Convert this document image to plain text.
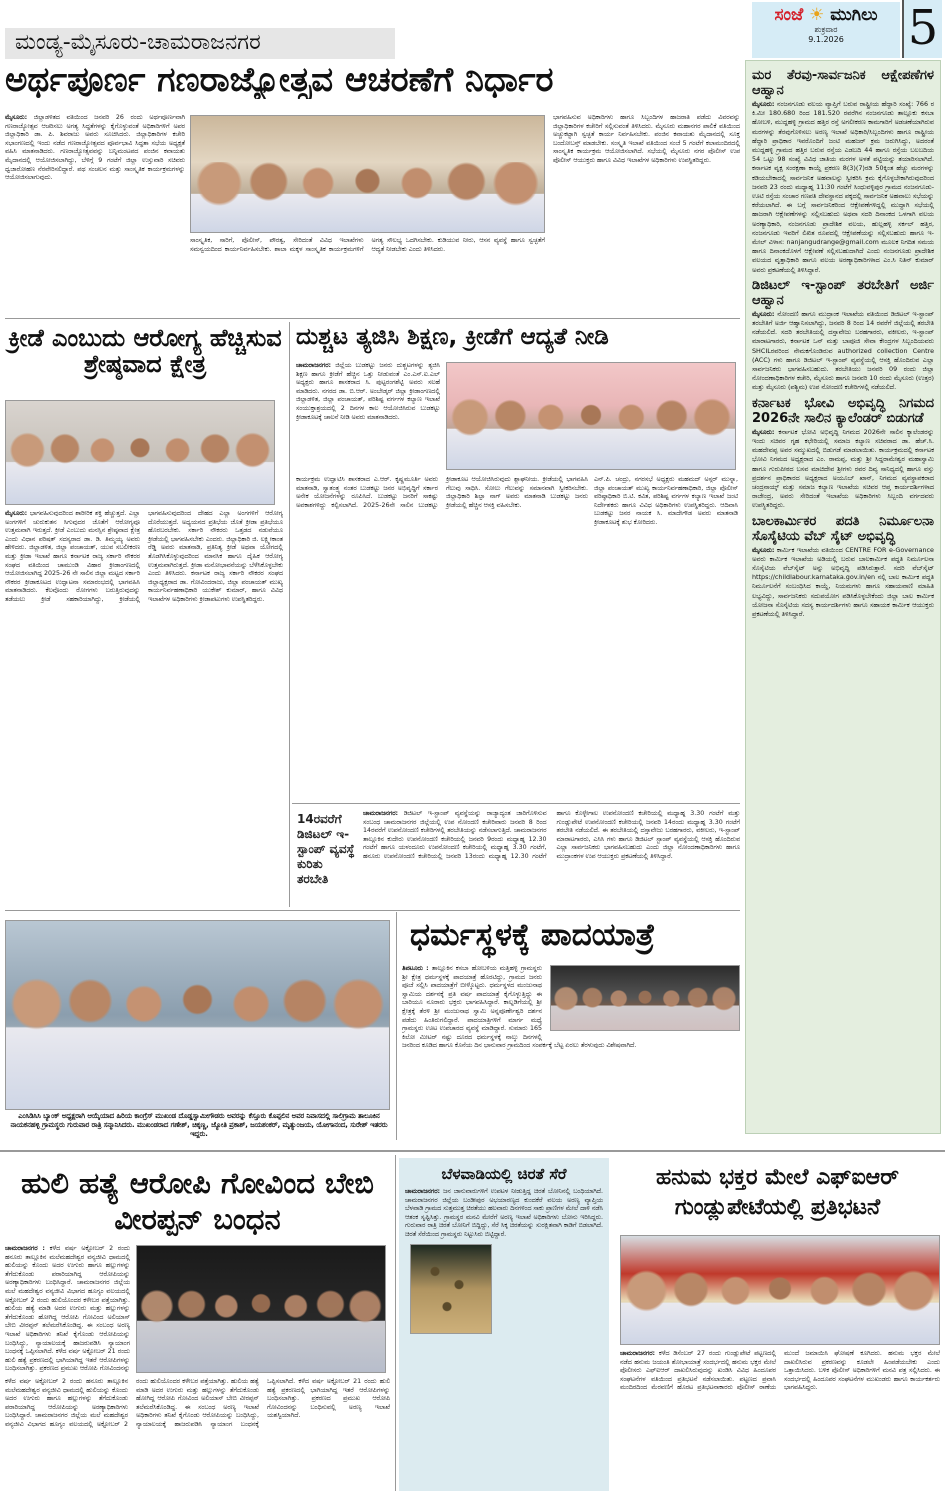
ಮಂಡ್ಯ-ಮೈಸೂರು-ಚಾಮರಾಜನಗರ
ಸಂಜೆ ☀ ಮುಗಿಲು
ಶುಕ್ರವಾರ
9.1.2026	5
ಅರ್ಥಪೂರ್ಣ ಗಣರಾಜ್ಯೋತ್ಸವ ಆಚರಣೆಗೆ ನಿರ್ಧಾರ
ಮೈಸೂರು: ಜಿಲ್ಲಾಡಳಿತದ ವತಿಯಿಂದ ಜನವರಿ 26 ರಂದು ಅರ್ಥಪೂರ್ಣವಾಗಿ ಗಣರಾಜ್ಯೋತ್ಸವ ಆಚರಿಸಲು ಅಗತ್ಯ ಸಿದ್ಧತೆಗಳನ್ನು ಕೈಗೊಳ್ಳುವಂತೆ ಅಧಿಕಾರಿಗಳಿಗೆ ಅಪರ ಜಿಲ್ಲಾಧಿಕಾರಿ ಡಾ. ಪಿ. ಶಿವರಾಜು ಅವರು ಸೂಚಿಸಿದರು. ಜಿಲ್ಲಾಧಿಕಾರಿಗಳ ಕಚೇರಿ ಸಭಾಂಗಣದಲ್ಲಿ ಇಂದು ನಡೆದ ಗಣರಾಜ್ಯೋತ್ಸವದ ಪೂರ್ವಭಾವಿ ಸಿದ್ಧತಾ ಸಭೆಯ ಅಧ್ಯಕ್ಷತೆ ವಹಿಸಿ ಮಾತನಾಡಿದರು. ಗಣರಾಜ್ಯೋತ್ಸವವನ್ನು ಬನ್ನಿಮಂಟಪದ ಪಂಜಿನ ಕವಾಯತು ಮೈದಾನದಲ್ಲಿ ಆಯೋಜಿಸಲಾಗಿದ್ದು, ಬೆಳಿಗ್ಗೆ 9 ಗಂಟೆಗೆ ಜಿಲ್ಲಾ ಉಸ್ತುವಾರಿ ಸಚಿವರು ಧ್ವಜಾರೋಹಣ ನೆರವೇರಿಸಲಿದ್ದಾರೆ. ಪಥ ಸಂಚಲನ ಮತ್ತು ಸಾಂಸ್ಕೃತಿಕ ಕಾರ್ಯಕ್ರಮಗಳನ್ನು ಆಯೋಜಿಸಲಾಗುವುದು.
ಸಾಂಸ್ಕೃತಿಕ, ಸಾರಿಗೆ, ಪೊಲೀಸ್, ಪೌರತ್ವ, ಸೇರಿದಂತೆ ವಿವಿಧ ಇಲಾಖೆಗಳು ಸಮನ್ವಯದಿಂದ ಕಾರ್ಯನಿರ್ವಹಿಸಬೇಕು. ಶಾಲಾ ಮಕ್ಕಳ ಸಾಂಸ್ಕೃತಿಕ ಕಾರ್ಯಕ್ರಮಗಳಿಗೆ ಅಗತ್ಯ ಸೌಲಭ್ಯ ಒದಗಿಸಬೇಕು. ಕುಡಿಯುವ ನೀರು, ಆಸನ ವ್ಯವಸ್ಥೆ ಹಾಗೂ ಸ್ವಚ್ಛತೆಗೆ ಆದ್ಯತೆ ನೀಡಬೇಕು ಎಂದು ತಿಳಿಸಿದರು.
ಭಾಗವಹಿಸುವ ಅಧಿಕಾರಿಗಳು ಹಾಗೂ ಸಿಬ್ಬಂದಿಗಳ ಹಾಜರಾತಿ ಪಡೆದು ವಿವರವನ್ನು ಜಿಲ್ಲಾಧಿಕಾರಿಗಳ ಕಚೇರಿಗೆ ಸಲ್ಲಿಸುವಂತೆ ತಿಳಿಸಿದರು. ಮೈಸೂರು ಮಹಾನಗರ ಪಾಲಿಕೆ ವತಿಯಿಂದ ಅಚ್ಚುಕಟ್ಟಾಗಿ ಸ್ವಚ್ಛತೆ ಕಾರ್ಯ ನಿರ್ವಹಿಸಬೇಕು. ಪಂಜಿನ ಕವಾಯತು ಮೈದಾನದಲ್ಲಿ ಸೂಕ್ತ ಬಂದೋಬಸ್ತ್ ಮಾಡಬೇಕು. ಸಂಸ್ಕೃತಿ ಇಲಾಖೆ ವತಿಯಿಂದ ಸಂಜೆ 5 ಗಂಟೆಗೆ ಕಲಾಮಂದಿರದಲ್ಲಿ ಸಾಂಸ್ಕೃತಿಕ ಕಾರ್ಯಕ್ರಮ ಆಯೋಜಿಸಲಾಗಿದೆ. ಸಭೆಯಲ್ಲಿ ಮೈಸೂರು ನಗರ ಪೊಲೀಸ್ ಉಪ ಪೊಲೀಸ್ ಆಯುಕ್ತರು ಹಾಗೂ ವಿವಿಧ ಇಲಾಖೆಗಳ ಅಧಿಕಾರಿಗಳು ಉಪಸ್ಥಿತರಿದ್ದರು.
ಮರ ತೆರವು-ಸಾರ್ವಜನಿಕ ಆಕ್ಷೇಪಣೆಗಳ ಆಹ್ವಾನ
ಮೈಸೂರು: ನಂಜನಗೂಡು ವಲಯ ವ್ಯಾಪ್ತಿಗೆ ಬರುವ ರಾಷ್ಟ್ರೀಯ ಹೆದ್ದಾರಿ ಸಂಖ್ಯೆ: 766 ರ ಕಿ.ಮೀ 180.680 ರಿಂದ 181.520 ರವರೆಗಿನ ನಂಜನಗೂಡು ತಾಲ್ಲೂಕು ಕಸಬಾ ಹೋಬಳಿ, ಮುದ್ದಹಳ್ಳಿ ಗ್ರಾಮದ ಹತ್ತಿರ ರಸ್ತೆ ಅಗಲೀಕರಣ ಕಾಮಗಾರಿಗೆ ಅಡಚಣೆಯಾಗಿರುವ ಮರಗಳನ್ನು ತೆರವುಗೊಳಿಸಲು ಅರಣ್ಯ ಇಲಾಖೆ ಅಧಿಕಾರಿ/ಸಿಬ್ಬಂದಿಗಳು ಹಾಗೂ ರಾಷ್ಟ್ರೀಯ ಹೆದ್ದಾರಿ ಪ್ರಾಧಿಕಾರ ಇವರೊಂದಿಗೆ ಜಂಟಿ ಮಹಜರ್ ಕ್ರಮ ಜರುಗಿಸಿದ್ದು, ಅದರಂತೆ ಮುದ್ದಹಳ್ಳಿ ಗ್ರಾಮದ ಹತ್ತಿರ ಬರುವ ರಸ್ತೆಯ ಎಡಬದಿ 44 ಹಾಗೂ ರಸ್ತೆಯ ಬಲಬದಿಯ 54 ಒಟ್ಟು 98 ಸಂಖ್ಯೆ ವಿವಿಧ ಜಾತಿಯ ಮರಗಳ ಅಳತೆ ಪಟ್ಟಿಯನ್ನು ತಯಾರಿಸಲಾಗಿದೆ. ಕರ್ನಾಟಕ ವೃಕ್ಷ ಸಂರಕ್ಷಣಾ ಕಾಯ್ದೆ ಪ್ರಕರಣ 8(3)(7)ರಡಿ 50ಕ್ಕಿಂತ ಹೆಚ್ಚು ಮರಗಳನ್ನು ಕಡಿಯಬೇಕಾದಲ್ಲಿ ಸಾರ್ವಜನಿಕ ಅಹವಾಲನ್ನು ಸ್ವೀಕರಿಸಿ ಕ್ರಮ ಕೈಗೊಳ್ಳಬೇಕಾಗಿರುವುದರಿಂದ ಜನವರಿ 23 ರಂದು ಮಧ್ಯಾಹ್ನ 11:30 ಗಂಟೆಗೆ ಸಿಂಧುವಳ್ಳಿಪುರ ಗ್ರಾಮದ ನಂಜನಗೂಡು-ಊಟಿ ರಸ್ತೆಯ ಸಂಚಾರ ಗಣಪತಿ ದೇವಸ್ಥಾನದ ಪಕ್ಕದಲ್ಲಿ ಸಾರ್ವಜನಿಕ ಅಹವಾಲು ಸಭೆಯನ್ನು ಕರೆಯಲಾಗಿದೆ. ಈ ಬಗ್ಗೆ ಸಾರ್ವಜನಿಕರಿಂದ ಆಕ್ಷೇಪಣೆಗಳಿದ್ದಲ್ಲಿ ಮುದ್ದಾಗಿ ಸಭೆಯಲ್ಲಿ ಹಾಜರಾಗಿ ಆಕ್ಷೇಪಣೆಗಳನ್ನು ಸಲ್ಲಿಸಬಹುದು ಅಥವಾ ಸದರಿ ದಿನಾಂಕದ ಒಳಗಾಗಿ ವಲಯ ಅರಣ್ಯಾಧಿಕಾರಿ, ನಂಜನಗೂಡು ಪ್ರಾದೇಶಿಕ ವಲಯ, ಹುಲ್ಲಹಳ್ಳಿ ಸರ್ಕಲ್ ಹತ್ತಿರ, ನಂಜನಗೂಡು ಇವರಿಗೆ ಲಿಖಿತ ರೂಪದಲ್ಲಿ ಆಕ್ಷೇಪಣೆಯನ್ನು ಸಲ್ಲಿಸಬಹುದು ಹಾಗೂ ಇ-ಮೇಲ್ ವಿಳಾಸ: nanjangudrange@gmail.com ಮೂಲಕ ನಿಗದಿತ ಸಮಯ ಹಾಗೂ ದಿನಾಂಕದೊಳಗೆ ಆಕ್ಷೇಪಣೆ ಸಲ್ಲಿಸಬಹುದಾಗಿದೆ ಎಂದು ನಂಜನಗೂಡು ಪ್ರಾದೇಶಿಕ ವಲಯದ ವೃತ್ತಾಧಿಕಾರಿ ಹಾಗೂ ವಲಯ ಅರಣ್ಯಾಧಿಕಾರಿಗಳಾದ ಎಂ.ಸಿ ನಿತಿನ್ ಕುಮಾರ್ ಅವರು ಪ್ರಕಟಣೆಯಲ್ಲಿ ತಿಳಿಸಿದ್ದಾರೆ.
ಡಿಜಿಟಲ್ ಇ-ಸ್ಟಾಂಪ್ ತರಬೇತಿಗೆ ಅರ್ಜಿ ಆಹ್ವಾನ
ಮೈಸೂರು: ನೋಂದಣಿ ಹಾಗೂ ಮುದ್ರಾಂಕ ಇಲಾಖೆಯ ವತಿಯಿಂದ ಡಿಜಿಟಲ್ ಇ-ಸ್ಟಾಂಪ್ ತರಬೇತಿಗೆ ಅರ್ಜಿ ಆಹ್ವಾನಿಸಲಾಗಿದ್ದು, ಜನವರಿ 8 ರಿಂದ 14 ರವರೆಗೆ ಜಿಲ್ಲೆಯಲ್ಲಿ ತರಬೇತಿ ನಡೆಯಲಿದೆ. ಸದರಿ ತರಬೇತಿಯಲ್ಲಿ ದಸ್ತಾವೇಜು ಬರಹಗಾರರು, ವಕೀಲರು, ಇ-ಸ್ಟಾಂಪ್ ಮಾರಾಟಗಾರರು, ಕರ್ನಾಟಕ ಒನ್ ಮತ್ತು ಬಾಪೂಜಿ ಸೇವಾ ಕೇಂದ್ರಗಳ ಸಿಬ್ಬಂದಿಯವರು SHCILರವರಿಂದ ನೇಮಕಗೊಂಡಿರುವ authorized collection Centre (ACC) ಗಳು ಹಾಗೂ ಡಿಜಿಟಲ್ ಇ-ಸ್ಟಾಂಪ್ ವ್ಯವಸ್ಥೆಯಲ್ಲಿ ಆಸಕ್ತಿ ಹೊಂದಿರುವ ಎಲ್ಲಾ ಸಾರ್ವಜನಿಕರು ಭಾಗವಹಿಸಬಹುದು. ತರಬೇತಿಯು ಜನವರಿ 09 ರಂದು ಜಿಲ್ಲಾ ನೋಂದಣಾಧಿಕಾರಿಗಳ ಕಚೇರಿ, ಮೈಸೂರು ಹಾಗೂ ಜನವರಿ 10 ರಂದು ಮೈಸೂರು (ಉತ್ತರ) ಮತ್ತು ಮೈಸೂರು (ಪಶ್ಚಿಮ) ಉಪ ನೋಂದಣಿ ಕಚೇರಿಗಳಲ್ಲಿ ನಡೆಯಲಿದೆ.
ಕರ್ನಾಟಕ ಭೋವಿ ಅಭಿವೃದ್ಧಿ ನಿಗಮದ 2026ನೇ ಸಾಲಿನ ಕ್ಯಾಲೆಂಡರ್ ಬಿಡುಗಡೆ
ಮೈಸೂರು: ಕರ್ನಾಟಕ ಭೋವಿ ಅಭಿವೃದ್ಧಿ ನಿಗಮದ 2026ನೇ ಸಾಲಿನ ಕ್ಯಾಲೆಂಡರನ್ನು ಇಂದು ಸಚಿವರ ಗೃಹ ಕಛೇರಿಯಲ್ಲಿ ಸಮಾಜ ಕಲ್ಯಾಣ ಸಚಿವರಾದ ಡಾ. ಹೆಚ್.ಸಿ. ಮಹದೇವಪ್ಪ ಅವರ ಸಮ್ಮುಖದಲ್ಲಿ ಬಿಡುಗಡೆ ಮಾಡಲಾಯಿತು. ಕಾರ್ಯಕ್ರಮದಲ್ಲಿ ಕರ್ನಾಟಕ ಭೋವಿ ನಿಗಮದ ಅಧ್ಯಕ್ಷರಾದ ಎಂ. ರಾಮಪ್ಪ, ಮತ್ತು ಶ್ರೀ ಸಿದ್ದರಾಮೇಶ್ವರ ಮಹಾಸ್ವಾಮಿ ಹಾಗೂ ಗುರುಪೀಠದ ಬಸವ ಮಾಚಿದೇವ ಶ್ರೀಗಳು ರವರ ದಿವ್ಯ ಸಾನಿಧ್ಯದಲ್ಲಿ ಹಾಗೂ ವಸ್ತು ಪ್ರದರ್ಶನ ಪ್ರಾಧಿಕಾರದ ಅಧ್ಯಕ್ಷರಾದ ಅಯೂಬ್ ಖಾನ್, ನಿಗಮದ ವ್ಯವಸ್ಥಾಪಕರಾದ ಚಂದ್ರನಾಯ್ಕ್ ಮತ್ತು ಸಮಾಜ ಕಲ್ಯಾಣ ಇಲಾಖೆಯ ಸಚಿವರ ಆಪ್ತ ಕಾರ್ಯದರ್ಶಿಗಳಾದ ರಾಜೇಂದ್ರ, ಅವರು ಸೇರಿದಂತೆ ಇಲಾಖೆಯ ಅಧಿಕಾರಿಗಳು ಸಿಬ್ಬಂದಿ ವರ್ಗದವರು ಉಪಸ್ಥಿತರಿದ್ದರು.
ಬಾಲಕಾರ್ಮಿಕರ ಪದತಿ ನಿರ್ಮೂಲನಾ ಸೊಸೈಟಿಯ ವೆಬ್ ಸೈಟ್ ಅಭಿವೃದ್ಧಿ
ಮೈಸೂರು: ಕಾರ್ಮಿಕ ಇಲಾಖೆಯ ವತಿಯಿಂದ CENTRE FOR e-Governance ಅವರು ಕಾರ್ಮಿಕ ಇಲಾಖೆಯ ಅಡಿಯಲ್ಲಿ ಬರುವ ಬಾಲಕಾರ್ಮಿಕ ಪದ್ಧತಿ ನಿರ್ಮೂಲನಾ ಸೊಸೈಟಿಯ ವೆಬ್‌ಸೈಟ್ ಅನ್ನು ಅಭಿವೃದ್ಧಿ ಪಡಿಸಿರುತ್ತಾರೆ. ಸದರಿ ವೆಬ್‌ಸೈಟ್ https://childlabour.karnataka.gov.in/en ನಲ್ಲಿ ಬಾಲ ಕಾರ್ಮಿಕ ಪದ್ಧತಿ ನಿರ್ಮೂಲನೆಗೆ ಸಂಬಂಧಿಸಿದ ಕಾಯ್ದೆ, ನಿಯಮಗಳು ಹಾಗೂ ಸಹಾಯವಾಣಿ ಮಾಹಿತಿ ಲಭ್ಯವಿದ್ದು, ಸಾರ್ವಜನಿಕರು ಸದುಪಯೋಗ ಪಡಿಸಿಕೊಳ್ಳಬೇಕೆಂದು ಜಿಲ್ಲಾ ಬಾಲ ಕಾರ್ಮಿಕ ಯೋಜನಾ ಸೊಸೈಟಿಯ ಸದಸ್ಯ ಕಾರ್ಯದರ್ಶಿಗಳು ಹಾಗೂ ಸಹಾಯಕ ಕಾರ್ಮಿಕ ಆಯುಕ್ತರು ಪ್ರಕಟಣೆಯಲ್ಲಿ ತಿಳಿಸಿದ್ದಾರೆ.
ಕ್ರೀಡೆ ಎಂಬುದು ಆರೋಗ್ಯ ಹೆಚ್ಚಿಸುವ ಶ್ರೇಷ್ಠವಾದ ಕ್ಷೇತ್ರ
ಮೈಸೂರು: ಭಾಗವಹಿಸುವುದರಿಂದ ಶಾರೀರಿಕ ಶಕ್ತಿ ಹೆಚ್ಚುತ್ತದೆ. ಎಲ್ಲಾ ಅಂಗಗಳಿಗೆ ಚುರುಕುತನ ಸಿಗುವುದರ ಜೊತೆಗೆ ಆರೋಗ್ಯವೂ ಉತ್ತಮವಾಗಿ ಇರುತ್ತದೆ. ಕ್ರೀಡೆ ಎಂಬುದು ಮನಸ್ಸಿನ ಶ್ರೇಷ್ಠವಾದ ಕ್ಷೇತ್ರ ಎಂದು ವಿಧಾನ ಪರಿಷತ್ ಸದಸ್ಯರಾದ ಡಾ. ಡಿ. ತಿಮ್ಮಯ್ಯ ಅವರು ಹೇಳಿದರು. ಜಿಲ್ಲಾಡಳಿತ, ಜಿಲ್ಲಾ ಪಂಚಾಯತ್, ಯುವ ಸಬಲೀಕರಣ ಮತ್ತು ಕ್ರೀಡಾ ಇಲಾಖೆ ಹಾಗೂ ಕರ್ನಾಟಕ ರಾಜ್ಯ ಸರ್ಕಾರಿ ನೌಕರರ ಸಂಘದ ವತಿಯಿಂದ ಚಾಮುಂಡಿ ವಿಹಾರ ಕ್ರೀಡಾಂಗಣದಲ್ಲಿ ಆಯೋಜಿಸಲಾಗಿದ್ದ 2025-26 ನೇ ಸಾಲಿನ ಜಿಲ್ಲಾ ಮಟ್ಟದ ಸರ್ಕಾರಿ ನೌಕರರ ಕ್ರೀಡಾಕೂಟದ ಉದ್ಘಾಟನಾ ಸಮಾರಂಭದಲ್ಲಿ ಭಾಗವಹಿಸಿ ಮಾತನಾಡಿದರು. ಕೆಲವೊಂದು ರೋಗಗಳು ಬರುತ್ತಿರುವುದನ್ನು ತಡೆಯಲು ಕ್ರೀಡೆ ಸಹಕಾರಿಯಾಗಿದ್ದು, ಕ್ರೀಡೆಯಲ್ಲಿ ಭಾಗವಹಿಸುವುದರಿಂದ ದೇಹದ ಎಲ್ಲಾ ಅಂಗಗಳಿಗೆ ಆರೋಗ್ಯ ದೊರೆಯುತ್ತದೆ. ಅಧ್ಯಯನದ ಪ್ರತಿಭೆಯ ಜೊತೆ ಕ್ರೀಡಾ ಪ್ರತಿಭೆಯೂ ಹೊರಬರಬೇಕು. ಸರ್ಕಾರಿ ನೌಕರರು ಒತ್ತಡದ ನಡುವೆಯೂ ಕ್ರೀಡೆಯಲ್ಲಿ ಭಾಗವಹಿಸಬೇಕು ಎಂದರು. ಜಿಲ್ಲಾಧಿಕಾರಿ ಜಿ. ಲಕ್ಷ್ಮೀಕಾಂತ ರೆಡ್ಡಿ ಅವರು ಮಾತನಾಡಿ, ಪ್ರತಿನಿತ್ಯ ಕ್ರೀಡೆ ಅಥವಾ ಯೋಗದಲ್ಲಿ ತೊಡಗಿಸಿಕೊಳ್ಳುವುದರಿಂದ ಮಾನಸಿಕ ಹಾಗೂ ದೈಹಿಕ ಆರೋಗ್ಯ ಉತ್ತಮವಾಗಿರುತ್ತದೆ. ಕ್ರೀಡಾ ಮನೋಭಾವನೆಯನ್ನು ಬೆಳೆಸಿಕೊಳ್ಳಬೇಕು ಎಂದು ತಿಳಿಸಿದರು. ಕರ್ನಾಟಕ ರಾಜ್ಯ ಸರ್ಕಾರಿ ನೌಕರರ ಸಂಘದ ಜಿಲ್ಲಾಧ್ಯಕ್ಷರಾದ ಡಾ. ಗೋವಿಂದರಾಜು, ಜಿಲ್ಲಾ ಪಂಚಾಯತ್ ಮುಖ್ಯ ಕಾರ್ಯನಿರ್ವಹಣಾಧಿಕಾರಿ ಯುಕೇಶ್ ಕುಮಾರ್, ಹಾಗೂ ವಿವಿಧ ಇಲಾಖೆಗಳ ಅಧಿಕಾರಿಗಳು ಕ್ರೀಡಾಪಟುಗಳು ಉಪಸ್ಥಿತರಿದ್ದರು.
ದುಶ್ಚಟ ತ್ಯಜಿಸಿ ಶಿಕ್ಷಣ, ಕ್ರೀಡೆಗೆ ಆದ್ಯತೆ ನೀಡಿ
ಚಾಮರಾಜನಗರ: ಜಿಲ್ಲೆಯ ಬುಡಕಟ್ಟು ಜನರು ದುಶ್ಚಟಗಳನ್ನು ತ್ಯಜಿಸಿ ಶಿಕ್ಷಣ ಹಾಗೂ ಕ್ರೀಡೆಗೆ ಹೆಚ್ಚಿನ ಒತ್ತು ನೀಡುವಂತೆ ಎಂ.ಎಸ್.ಐ.ಎಲ್ ಅಧ್ಯಕ್ಷರು ಹಾಗೂ ಶಾಸಕರಾದ ಸಿ. ಪುಟ್ಟರಂಗಶೆಟ್ಟಿ ಅವರು ಸಲಹೆ ಮಾಡಿದರು. ನಗರದ ಡಾ. ಬಿ.ಆರ್. ಅಂಬೇಡ್ಕರ್ ಜಿಲ್ಲಾ ಕ್ರೀಡಾಂಗಣದಲ್ಲಿ ಜಿಲ್ಲಾಡಳಿತ, ಜಿಲ್ಲಾ ಪಂಚಾಯತ್, ಪರಿಶಿಷ್ಟ ವರ್ಗಗಳ ಕಲ್ಯಾಣ ಇಲಾಖೆ ಸಂಯುಕ್ತಾಶ್ರಯದಲ್ಲಿ 2 ದಿನಗಳ ಕಾಲ ಆಯೋಜಿಸಿರುವ ಬುಡಕಟ್ಟು ಕ್ರೀಡಾಕೂಟಕ್ಕೆ ಚಾಲನೆ ನೀಡಿ ಅವರು ಮಾತನಾಡಿದರು.
ಕಾರ್ಯಕ್ರಮ ಉದ್ಘಾಟಿಸಿ ಶಾಸಕರಾದ ಎ.ಆರ್. ಕೃಷ್ಣಮೂರ್ತಿ ಅವರು ಮಾತನಾಡಿ, ಸ್ವಾತಂತ್ರ್ಯ ನಂತರ ಬುಡಕಟ್ಟು ಜನರ ಅಭಿವೃದ್ಧಿಗೆ ಸರ್ಕಾರ ಅನೇಕ ಯೋಜನೆಗಳನ್ನು ರೂಪಿಸಿದೆ. ಬುಡಕಟ್ಟು ಜನರಿಗೆ ಸಾಕಷ್ಟು ಅವಕಾಶಗಳಿದ್ದು ಕಲ್ಪಿಸಲಾಗಿದೆ. 2025-26ನೇ ಸಾಲಿನ ಬುಡಕಟ್ಟು ಕ್ರೀಡಾಕೂಟ ಆಯೋಜಿಸಿರುವುದು ಶ್ಲಾಘನೀಯ. ಕ್ರೀಡೆಯಲ್ಲಿ ಭಾಗವಹಿಸಿ ಗೆಲುವು ಸಾಧಿಸಿ. ಸೋಲು ಗೆಲುವನ್ನು ಸಮಾನವಾಗಿ ಸ್ವೀಕರಿಸಬೇಕು. ಜಿಲ್ಲಾಧಿಕಾರಿ ಶಿಲ್ಪಾ ನಾಗ್ ಅವರು ಮಾತನಾಡಿ ಬುಡಕಟ್ಟು ಜನರು ಕ್ರೀಡೆಯಲ್ಲಿ ಹೆಚ್ಚಿನ ಆಸಕ್ತಿ ವಹಿಸಬೇಕು.
ಎನ್.ಪಿ. ಚಂದ್ರು, ನಗರಸಭೆ ಅಧ್ಯಕ್ಷರು ಮಹಮದ್ ಅಸ್ಗರ್ ಮುನ್ನಾ, ಜಿಲ್ಲಾ ಪಂಚಾಯತ್ ಮುಖ್ಯ ಕಾರ್ಯನಿರ್ವಹಣಾಧಿಕಾರಿ, ಜಿಲ್ಲಾ ಪೊಲೀಸ್ ವರಿಷ್ಠಾಧಿಕಾರಿ ಬಿ.ಟಿ. ಕವಿತ, ಪರಿಶಿಷ್ಟ ವರ್ಗಗಳ ಕಲ್ಯಾಣ ಇಲಾಖೆ ಜಂಟಿ ನಿರ್ದೇಶಕರು ಹಾಗೂ ವಿವಿಧ ಅಧಿಕಾರಿಗಳು ಉಪಸ್ಥಿತರಿದ್ದರು. ಆದಿವಾಸಿ ಬುಡಕಟ್ಟು ಜನರ ನಾಯಕ ಸಿ. ಮಾದೇಗೌಡ ಅವರು ಮಾತನಾಡಿ ಕ್ರೀಡಾಕೂಟಕ್ಕೆ ಶುಭ ಕೋರಿದರು.
14ರವರೆಗೆ ಡಿಜಿಟಲ್ ಇ-ಸ್ಟಾಂಪ್ ವ್ಯವಸ್ಥೆ ಕುರಿತು ತರಬೇತಿ
ಚಾಮರಾಜನಗರ: ಡಿಜಿಟಲ್ ಇ-ಸ್ಟಾಂಪ್ ವ್ಯವಸ್ಥೆಯನ್ನು ರಾಜ್ಯಾದ್ಯಂತ ಜಾರಿಗೊಳಿಸುವ ಸಂಬಂಧ ಚಾಮರಾಜನಗರ ಜಿಲ್ಲೆಯಲ್ಲಿ ಉಪ ನೋಂದಣಿ ಕಚೇರಿವಾರು ಜನವರಿ 8 ರಿಂದ 14ರವರೆಗೆ ಉಪನೋಂದಣಿ ಕಚೇರಿಗಳಲ್ಲಿ ತರಬೇತಿಯನ್ನು ನಡೆಸಲಾಗುತ್ತಿದೆ. ಚಾಮರಾಜನಗರ ತಾಲ್ಲೂಕಿನ ಕುದೇರು ಉಪನೋಂದಣಿ ಕಚೇರಿಯಲ್ಲಿ ಜನವರಿ 9ರಂದು ಮಧ್ಯಾಹ್ನ 12.30 ಗಂಟೆಗೆ ಹಾಗೂ ಯಳಂದೂರು ಉಪನೋಂದಣಿ ಕಚೇರಿಯಲ್ಲಿ ಮಧ್ಯಾಹ್ನ 3.30 ಗಂಟೆಗೆ, ಹನೂರು ಉಪನೋಂದಣಿ ಕಚೇರಿಯಲ್ಲಿ ಜನವರಿ 13ರಂದು ಮಧ್ಯಾಹ್ನ 12.30 ಗಂಟೆಗೆ ಹಾಗೂ ಕೊಳ್ಳೇಗಾಲ ಉಪನೋಂದಣಿ ಕಚೇರಿಯಲ್ಲಿ ಮಧ್ಯಾಹ್ನ 3.30 ಗಂಟೆಗೆ ಮತ್ತು ಗುಂಡ್ಲುಪೇಟೆ ಉಪನೋಂದಣಿ ಕಚೇರಿಯಲ್ಲಿ ಜನವರಿ 14ರಂದು ಮಧ್ಯಾಹ್ನ 3.30 ಗಂಟೆಗೆ ತರಬೇತಿ ನಡೆಯಲಿದೆ. ಈ ತರಬೇತಿಯಲ್ಲಿ ದಸ್ತಾವೇಜು ಬರಹಗಾರರು, ವಕೀಲರು, ಇ-ಸ್ಟಾಂಪ್ ಮಾರಾಟಗಾರರು, ಎಸಿಸಿ ಗಳು ಹಾಗೂ ಡಿಜಿಟಲ್ ಸ್ಟಾಂಪ್ ವ್ಯವಸ್ಥೆಯಲ್ಲಿ ಆಸಕ್ತಿ ಹೊಂದಿರುವ ಎಲ್ಲಾ ಸಾರ್ವಜನಿಕರು ಭಾಗವಹಿಸಬಹುದು ಎಂದು ಜಿಲ್ಲಾ ನೋಂದಣಾಧಿಕಾರಿಗಳು ಹಾಗೂ ಮುದ್ರಾಂಕಗಳ ಉಪ ಆಯುಕ್ತರು ಪ್ರಕಟಣೆಯಲ್ಲಿ ತಿಳಿಸಿದ್ದಾರೆ.
ಎಂಸಿಡಿಸಿಸಿ ಬ್ಯಾಂಕ್ ಅಧ್ಯಕ್ಷರಾಗಿ ಆಯ್ಕೆಯಾದ ಹಿರಿಯ ಕಾಂಗ್ರೆಸ್ ಮುಖಂಡ ದೊಡ್ಡಸ್ವಾಮೀಗೌಡರು ಅವರನ್ನು ಕೆಸ್ತೂರು ಕೊಪ್ಪಲಿನ ಅವರ ನಿವಾಸದಲ್ಲಿ ಸಾಲಿಗ್ರಾಮ ತಾಲೂಕಿನ ನಾಯಕನಹಳ್ಳಿ ಗ್ರಾಮಸ್ಥರು ಗುರುವಾರ ರಾತ್ರಿ ಸನ್ಮಾನಿಸಿದರು. ಮುಖಂಡರಾದ ಗಣೇಶ್, ಚಿಕ್ಕಣ್ಣ, ಜ್ಯೋತಿ ಪ್ರಕಾಶ್, ಜಯಶಂಕರ್, ಮೃತ್ಯುಂಜಯ, ಯೋಗಾನಂದ, ಸುರೇಶ್ ಇತರರು ಇದ್ದರು.
ಧರ್ಮಸ್ಥಳಕ್ಕೆ ಪಾದಯಾತ್ರೆ
ತಿಪಟೂರು : ತಾಲ್ಲೂಕಿನ ಕಸಬಾ ಹೋಬಳಿಯ ಮತ್ತಿಹಳ್ಳಿ ಗ್ರಾಮಸ್ಥರು ಶ್ರೀ ಕ್ಷೇತ್ರ ಧರ್ಮಸ್ಥಳಕ್ಕೆ ಪಾದಯಾತ್ರೆ ಹೊರಟಿದ್ದು, ಗ್ರಾಮದ ಜನರು ಪೂಜೆ ಸಲ್ಲಿಸಿ ಪಾದಯಾತ್ರೆಗೆ ಬೀಳ್ಕೊಟ್ಟರು. ಧರ್ಮಸ್ಥಳದ ಮಂಜುನಾಥ ಸ್ವಾಮಿಯ ದರ್ಶನಕ್ಕೆ ಪ್ರತಿ ವರ್ಷ ಪಾದಯಾತ್ರೆ ಕೈಗೊಳ್ಳುತ್ತಿದ್ದು ಈ ಬಾರಿಯೂ ನೂರಾರು ಭಕ್ತರು ಭಾಗವಹಿಸಿದ್ದಾರೆ. ಕಾಲ್ನಡಿಗೆಯಲ್ಲಿ ಶ್ರೀ ಕ್ಷೇತ್ರಕ್ಕೆ ತೆರಳಿ ಶ್ರೀ ಮಂಜುನಾಥ ಸ್ವಾಮಿ ಅನ್ನಪೂರ್ಣೇಶ್ವರಿ ದರ್ಶನ ಪಡೆದು ಹಿಂತಿರುಗಲಿದ್ದಾರೆ. ಪಾದಯಾತ್ರಿಗಳಿಗೆ ಮಾರ್ಗ ಮಧ್ಯೆ ಗ್ರಾಮಸ್ಥರು ಊಟ ಉಪಚಾರದ ವ್ಯವಸ್ಥೆ ಮಾಡಿದ್ದಾರೆ. ಸುಮಾರು 165 ಕಿಲೋ ಮೀಟರ್ ನಷ್ಟು ದೂರದ ಧರ್ಮಸ್ಥಳಕ್ಕೆ ನಾಲ್ಕು ದಿನಗಳಲ್ಲಿ ಜನರಿಂದ ಕೂಡಿದ ಹಾಗೂ ಕೊನೆಯ ದಿನ ಭಾನುವಾರ ಗ್ರಾಮದಿಂದ ಸಂಪರ್ಕಕ್ಕೆ ಬೆಟ್ಟ ಏರಲು ತೆರಳುವುದು ವಿಶೇಷವಾಗಿದೆ.
ಹುಲಿ ಹತ್ಯೆ ಆರೋಪಿ ಗೋವಿಂದ ಬೇಬಿ ವೀರಪ್ಪನ್ ಬಂಧನ
ಚಾಮರಾಜನಗರ : ಕಳೆದ ವರ್ಷ ಅಕ್ಟೋಬರ್ 2 ರಂದು ಹನೂರು ತಾಲ್ಲೂಕಿನ ಮಲೆಮಹದೇಶ್ವರ ವನ್ಯಜೀವಿ ಧಾಮದಲ್ಲಿ ಹುಲಿಯನ್ನು ಕೊಂದು ಅದರ ಉಗುರು ಹಾಗೂ ಹಲ್ಲುಗಳನ್ನು ತೆಗೆದುಕೊಂಡು ಪರಾರಿಯಾಗಿದ್ದ ಆರೋಪಿಯನ್ನು ಅರಣ್ಯಾಧಿಕಾರಿಗಳು ಬಂಧಿಸಿದ್ದಾರೆ. ಚಾಮರಾಜನಗರ ಜಿಲ್ಲೆಯ ಮಲೆ ಮಹದೇಶ್ವರ ವನ್ಯಜೀವಿ ವಿಭಾಗದ ಹೂಗ್ಯಂ ವಲಯದಲ್ಲಿ ಅಕ್ಟೋಬರ್ 2 ರಂದು ಹುಲಿಯೊಂದರ ಕಳೇಬರ ಪತ್ತೆಯಾಗಿತ್ತು. ಹುಲಿಯ ಹತ್ಯೆ ಮಾಡಿ ಅದರ ಉಗುರು ಮತ್ತು ಹಲ್ಲುಗಳನ್ನು ತೆಗೆದುಕೊಂಡು ಹೋಗಿದ್ದ ಆರೋಪಿ ಗೋವಿಂದ ಅಲಿಯಾಸ್ ಬೇಬಿ ವೀರಪ್ಪನ್ ತಲೆಮರೆಸಿಕೊಂಡಿದ್ದ. ಈ ಸಂಬಂಧ ಅರಣ್ಯ ಇಲಾಖೆ ಅಧಿಕಾರಿಗಳು ತನಿಖೆ ಕೈಗೊಂಡು ಆರೋಪಿಯನ್ನು ಬಂಧಿಸಿದ್ದು, ನ್ಯಾಯಾಲಯಕ್ಕೆ ಹಾಜರುಪಡಿಸಿ ನ್ಯಾಯಾಂಗ ಬಂಧನಕ್ಕೆ ಒಪ್ಪಿಸಲಾಗಿದೆ. ಕಳೆದ ವರ್ಷ ಅಕ್ಟೋಬರ್ 21 ರಂದು ಹುಲಿ ಹತ್ಯೆ ಪ್ರಕರಣದಲ್ಲಿ ಭಾಗಿಯಾಗಿದ್ದ ಇತರೆ ಆರೋಪಿಗಳನ್ನು ಬಂಧಿಸಲಾಗಿತ್ತು. ಪ್ರಕರಣದ ಪ್ರಮುಖ ಆರೋಪಿ ಗೋವಿಂದನನ್ನು
ಕಳೆದ ವರ್ಷ ಅಕ್ಟೋಬರ್ 2 ರಂದು ಹನೂರು ತಾಲ್ಲೂಕಿನ ಮಲೆಮಹದೇಶ್ವರ ವನ್ಯಜೀವಿ ಧಾಮದಲ್ಲಿ ಹುಲಿಯನ್ನು ಕೊಂದು ಅದರ ಉಗುರು ಹಾಗೂ ಹಲ್ಲುಗಳನ್ನು ತೆಗೆದುಕೊಂಡು ಪರಾರಿಯಾಗಿದ್ದ ಆರೋಪಿಯನ್ನು ಅರಣ್ಯಾಧಿಕಾರಿಗಳು ಬಂಧಿಸಿದ್ದಾರೆ. ಚಾಮರಾಜನಗರ ಜಿಲ್ಲೆಯ ಮಲೆ ಮಹದೇಶ್ವರ ವನ್ಯಜೀವಿ ವಿಭಾಗದ ಹೂಗ್ಯಂ ವಲಯದಲ್ಲಿ ಅಕ್ಟೋಬರ್ 2 ರಂದು ಹುಲಿಯೊಂದರ ಕಳೇಬರ ಪತ್ತೆಯಾಗಿತ್ತು. ಹುಲಿಯ ಹತ್ಯೆ ಮಾಡಿ ಅದರ ಉಗುರು ಮತ್ತು ಹಲ್ಲುಗಳನ್ನು ತೆಗೆದುಕೊಂಡು ಹೋಗಿದ್ದ ಆರೋಪಿ ಗೋವಿಂದ ಅಲಿಯಾಸ್ ಬೇಬಿ ವೀರಪ್ಪನ್ ತಲೆಮರೆಸಿಕೊಂಡಿದ್ದ. ಈ ಸಂಬಂಧ ಅರಣ್ಯ ಇಲಾಖೆ ಅಧಿಕಾರಿಗಳು ತನಿಖೆ ಕೈಗೊಂಡು ಆರೋಪಿಯನ್ನು ಬಂಧಿಸಿದ್ದು, ನ್ಯಾಯಾಲಯಕ್ಕೆ ಹಾಜರುಪಡಿಸಿ ನ್ಯಾಯಾಂಗ ಬಂಧನಕ್ಕೆ ಒಪ್ಪಿಸಲಾಗಿದೆ. ಕಳೆದ ವರ್ಷ ಅಕ್ಟೋಬರ್ 21 ರಂದು ಹುಲಿ ಹತ್ಯೆ ಪ್ರಕರಣದಲ್ಲಿ ಭಾಗಿಯಾಗಿದ್ದ ಇತರೆ ಆರೋಪಿಗಳನ್ನು ಬಂಧಿಸಲಾಗಿತ್ತು. ಪ್ರಕರಣದ ಪ್ರಮುಖ ಆರೋಪಿ ಗೋವಿಂದನನ್ನು ಬಂಧಿಸುವಲ್ಲಿ ಅರಣ್ಯ ಇಲಾಖೆ ಯಶಸ್ವಿಯಾಗಿದೆ.
ಬೆಳವಾಡಿಯಲ್ಲಿ ಚಿರತೆ ಸೆರೆ
ಚಾಮರಾಜನಗರ: ಜನ ಜಾನುವಾರುಗಳಿಗೆ ಉಪಟಳ ನೀಡುತ್ತಿದ್ದ ಚಿರತೆ ಬೋನಿನಲ್ಲಿ ಬಂಧಿಯಾಗಿದೆ. ಚಾಮರಾಜನಗರ ಜಿಲ್ಲೆಯ ಬಂಡೀಪುರ ಅಭಯಾರಣ್ಯದ ಕುಂದಕೆರೆ ವಲಯ ಅರಣ್ಯ ವ್ಯಾಪ್ತಿಯ ಬೆಳವಾಡಿ ಗ್ರಾಮದ ಸುತ್ತಮುತ್ತ ಚಿರತೆಯು ಹಲವಾರು ದಿನಗಳಿಂದ ಸಾಕು ಪ್ರಾಣಿಗಳ ಮೇಲೆ ದಾಳಿ ನಡೆಸಿ ಆತಂಕ ಸೃಷ್ಟಿಸಿತ್ತು. ಗ್ರಾಮಸ್ಥರ ಮನವಿ ಮೇರೆಗೆ ಅರಣ್ಯ ಇಲಾಖೆ ಅಧಿಕಾರಿಗಳು ಬೋನು ಇರಿಸಿದ್ದರು. ಗುರುವಾರ ರಾತ್ರಿ ಚಿರತೆ ಬೋನಿಗೆ ಬಿದ್ದಿದ್ದು, ಸೆರೆ ಸಿಕ್ಕ ಚಿರತೆಯನ್ನು ಸುರಕ್ಷಿತವಾಗಿ ಕಾಡಿಗೆ ಬಿಡಲಾಗಿದೆ. ಚಿರತೆ ಸೆರೆಯಿಂದ ಗ್ರಾಮಸ್ಥರು ನಿಟ್ಟುಸಿರು ಬಿಟ್ಟಿದ್ದಾರೆ.
ಹನುಮ ಭಕ್ತರ ಮೇಲೆ ಎಫ್‌ಐಆರ್ ಗುಂಡ್ಲುಪೇಟೆಯಲ್ಲಿ ಪ್ರತಿಭಟನೆ
ಚಾಮರಾಜನಗರ: ಕಳೆದ ಡಿಸೆಂಬರ್ 27 ರಂದು ಗುಂಡ್ಲುಪೇಟೆ ಪಟ್ಟಣದಲ್ಲಿ ನಡೆದ ಹನುಮ ಜಯಂತಿ ಶೋಭಾಯಾತ್ರೆ ಸಂದರ್ಭದಲ್ಲಿ ಹನುಮ ಭಕ್ತರ ಮೇಲೆ ಪೊಲೀಸರು ಎಫ್‌ಐಆರ್ ದಾಖಲಿಸಿರುವುದನ್ನು ಖಂಡಿಸಿ ವಿವಿಧ ಹಿಂದೂಪರ ಸಂಘಟನೆಗಳ ವತಿಯಿಂದ ಪ್ರತಿಭಟನೆ ನಡೆಸಲಾಯಿತು. ಪಟ್ಟಣದ ಪ್ರವಾಸಿ ಮಂದಿರದಿಂದ ಮೆರವಣಿಗೆ ಹೊರಟ ಪ್ರತಿಭಟನಾಕಾರರು ಪೊಲೀಸ್ ಠಾಣೆಯ ಮುಂದೆ ಜಮಾಯಿಸಿ ಘೋಷಣೆ ಕೂಗಿದರು. ಹನುಮ ಭಕ್ತರ ಮೇಲೆ ದಾಖಲಿಸಿರುವ ಪ್ರಕರಣವನ್ನು ಕೂಡಲೇ ಹಿಂಪಡೆಯಬೇಕು ಎಂದು ಒತ್ತಾಯಿಸಿದರು. ಬಳಿಕ ಪೊಲೀಸ್ ಅಧಿಕಾರಿಗಳಿಗೆ ಮನವಿ ಪತ್ರ ಸಲ್ಲಿಸಿದರು. ಈ ಸಂದರ್ಭದಲ್ಲಿ ಹಿಂದೂಪರ ಸಂಘಟನೆಗಳ ಮುಖಂಡರು ಹಾಗೂ ಕಾರ್ಯಕರ್ತರು ಭಾಗವಹಿಸಿದ್ದರು.
